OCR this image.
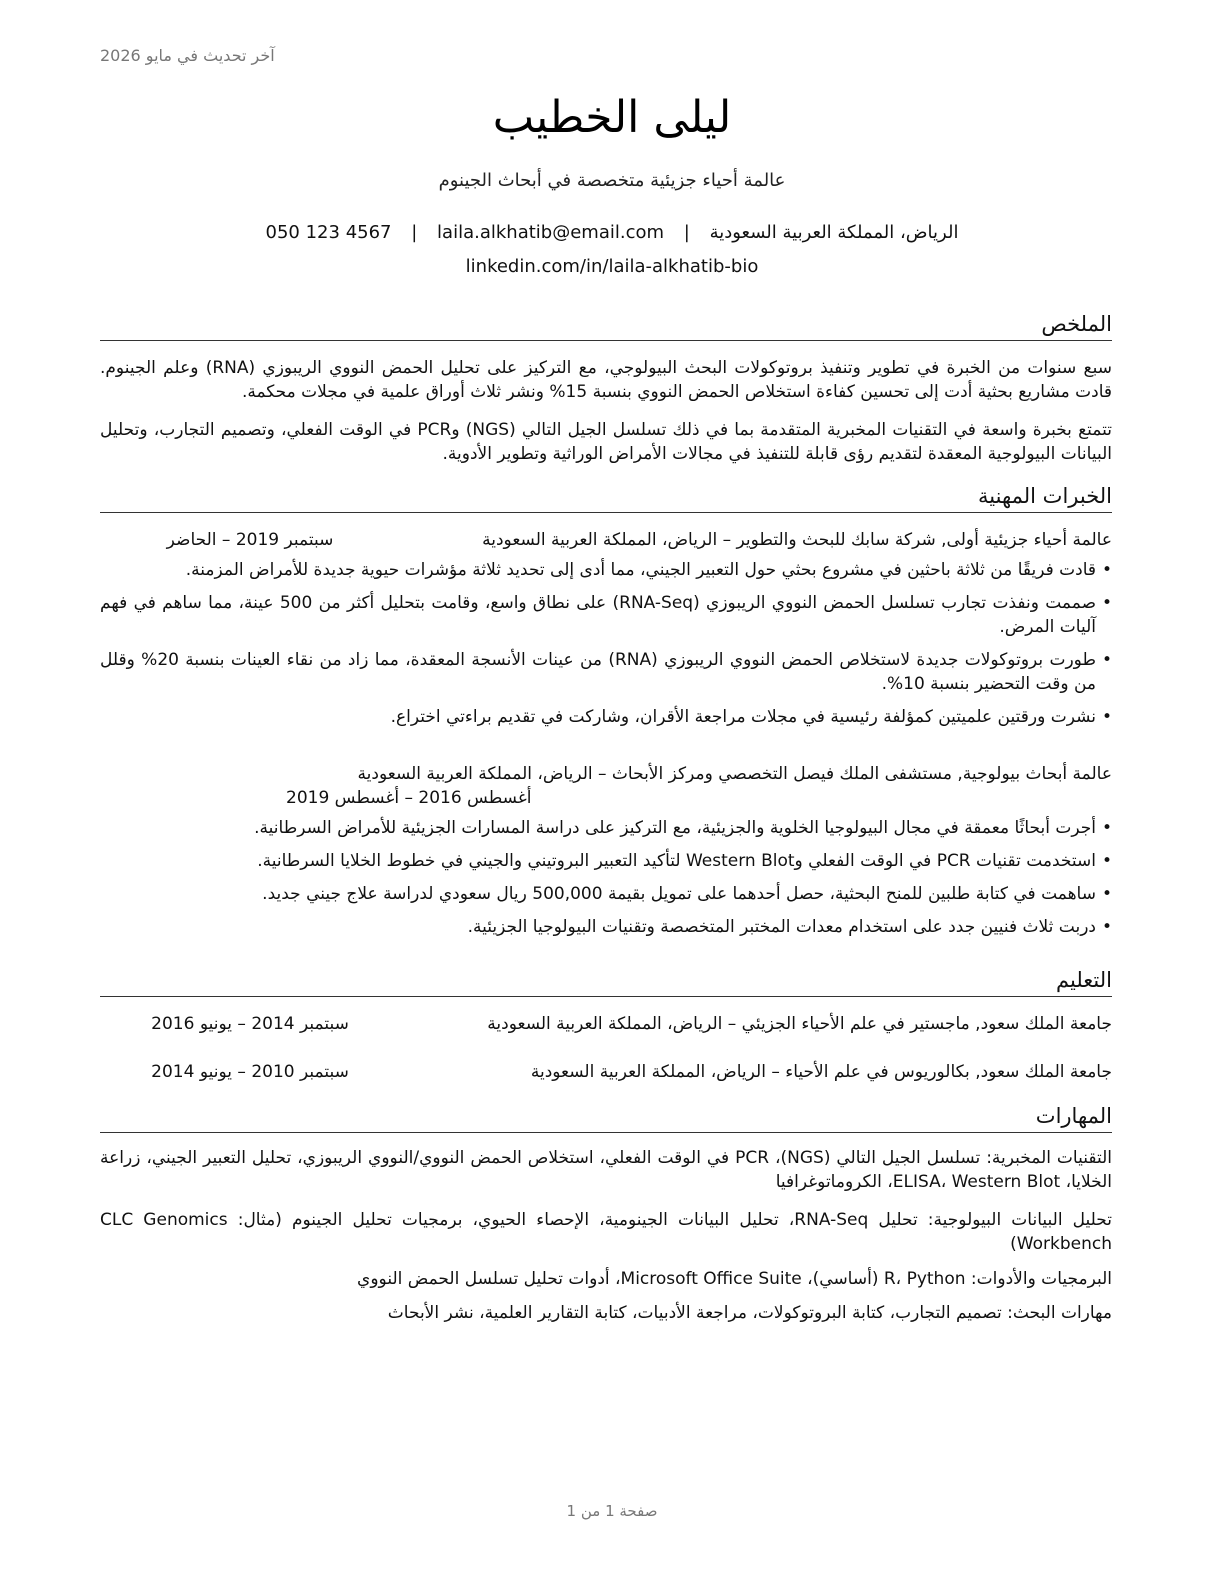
آخر تحديث في مايو 2026
ليلى الخطيب
عالمة أحياء جزيئية متخصصة في أبحاث الجينوم
الرياض، المملكة العربية السعودية | laila.alkhatib@email.com | 050 123 4567
linkedin.com/in/laila-alkhatib-bio
الملخص
سبع سنوات من الخبرة في تطوير وتنفيذ بروتوكولات البحث البيولوجي، مع التركيز على تحليل الحمض النووي الريبوزي (RNA) وعلم الجينوم. قادت مشاريع بحثية أدت إلى تحسين كفاءة استخلاص الحمض النووي بنسبة 15% ونشر ثلاث أوراق علمية في مجلات محكمة.
تتمتع بخبرة واسعة في التقنيات المخبرية المتقدمة بما في ذلك تسلسل الجيل التالي (NGS) وPCR في الوقت الفعلي، وتصميم التجارب، وتحليل البيانات البيولوجية المعقدة لتقديم رؤى قابلة للتنفيذ في مجالات الأمراض الوراثية وتطوير الأدوية.
الخبرات المهنية
عالمة أحياء جزيئية أولى, شركة سابك للبحث والتطوير – الرياض، المملكة العربية السعودية
سبتمبر 2019 – الحاضر
• قادت فريقًا من ثلاثة باحثين في مشروع بحثي حول التعبير الجيني، مما أدى إلى تحديد ثلاثة مؤشرات حيوية جديدة للأمراض المزمنة.
• صممت ونفذت تجارب تسلسل الحمض النووي الريبوزي (RNA-Seq) على نطاق واسع، وقامت بتحليل أكثر من 500 عينة، مما ساهم في فهم آليات المرض.
• طورت بروتوكولات جديدة لاستخلاص الحمض النووي الريبوزي (RNA) من عينات الأنسجة المعقدة، مما زاد من نقاء العينات بنسبة 20% وقلل من وقت التحضير بنسبة 10%.
• نشرت ورقتين علميتين كمؤلفة رئيسية في مجلات مراجعة الأقران، وشاركت في تقديم براءتي اختراع.
عالمة أبحاث بيولوجية, مستشفى الملك فيصل التخصصي ومركز الأبحاث – الرياض، المملكة العربية السعودية
أغسطس 2016 – أغسطس 2019
• أجرت أبحاثًا معمقة في مجال البيولوجيا الخلوية والجزيئية، مع التركيز على دراسة المسارات الجزيئية للأمراض السرطانية.
• استخدمت تقنيات PCR في الوقت الفعلي وWestern Blot لتأكيد التعبير البروتيني والجيني في خطوط الخلايا السرطانية.
• ساهمت في كتابة طلبين للمنح البحثية، حصل أحدهما على تمويل بقيمة 500,000 ريال سعودي لدراسة علاج جيني جديد.
• دربت ثلاث فنيين جدد على استخدام معدات المختبر المتخصصة وتقنيات البيولوجيا الجزيئية.
التعليم
جامعة الملك سعود, ماجستير في علم الأحياء الجزيئي – الرياض، المملكة العربية السعودية
سبتمبر 2014 – يونيو 2016
جامعة الملك سعود, بكالوريوس في علم الأحياء – الرياض، المملكة العربية السعودية
سبتمبر 2010 – يونيو 2014
المهارات
التقنيات المخبرية: تسلسل الجيل التالي (NGS)، PCR في الوقت الفعلي، استخلاص الحمض النووي/النووي الريبوزي، تحليل التعبير الجيني، زراعة الخلايا، ELISA، Western Blot، الكروماتوغرافيا
تحليل البيانات البيولوجية: تحليل RNA-Seq، تحليل البيانات الجينومية، الإحصاء الحيوي، برمجيات تحليل الجينوم (مثال: CLC Genomics Workbench)
البرمجيات والأدوات: R، Python (أساسي)، Microsoft Office Suite، أدوات تحليل تسلسل الحمض النووي
مهارات البحث: تصميم التجارب، كتابة البروتوكولات، مراجعة الأدبيات، كتابة التقارير العلمية، نشر الأبحاث
صفحة 1 من 1
